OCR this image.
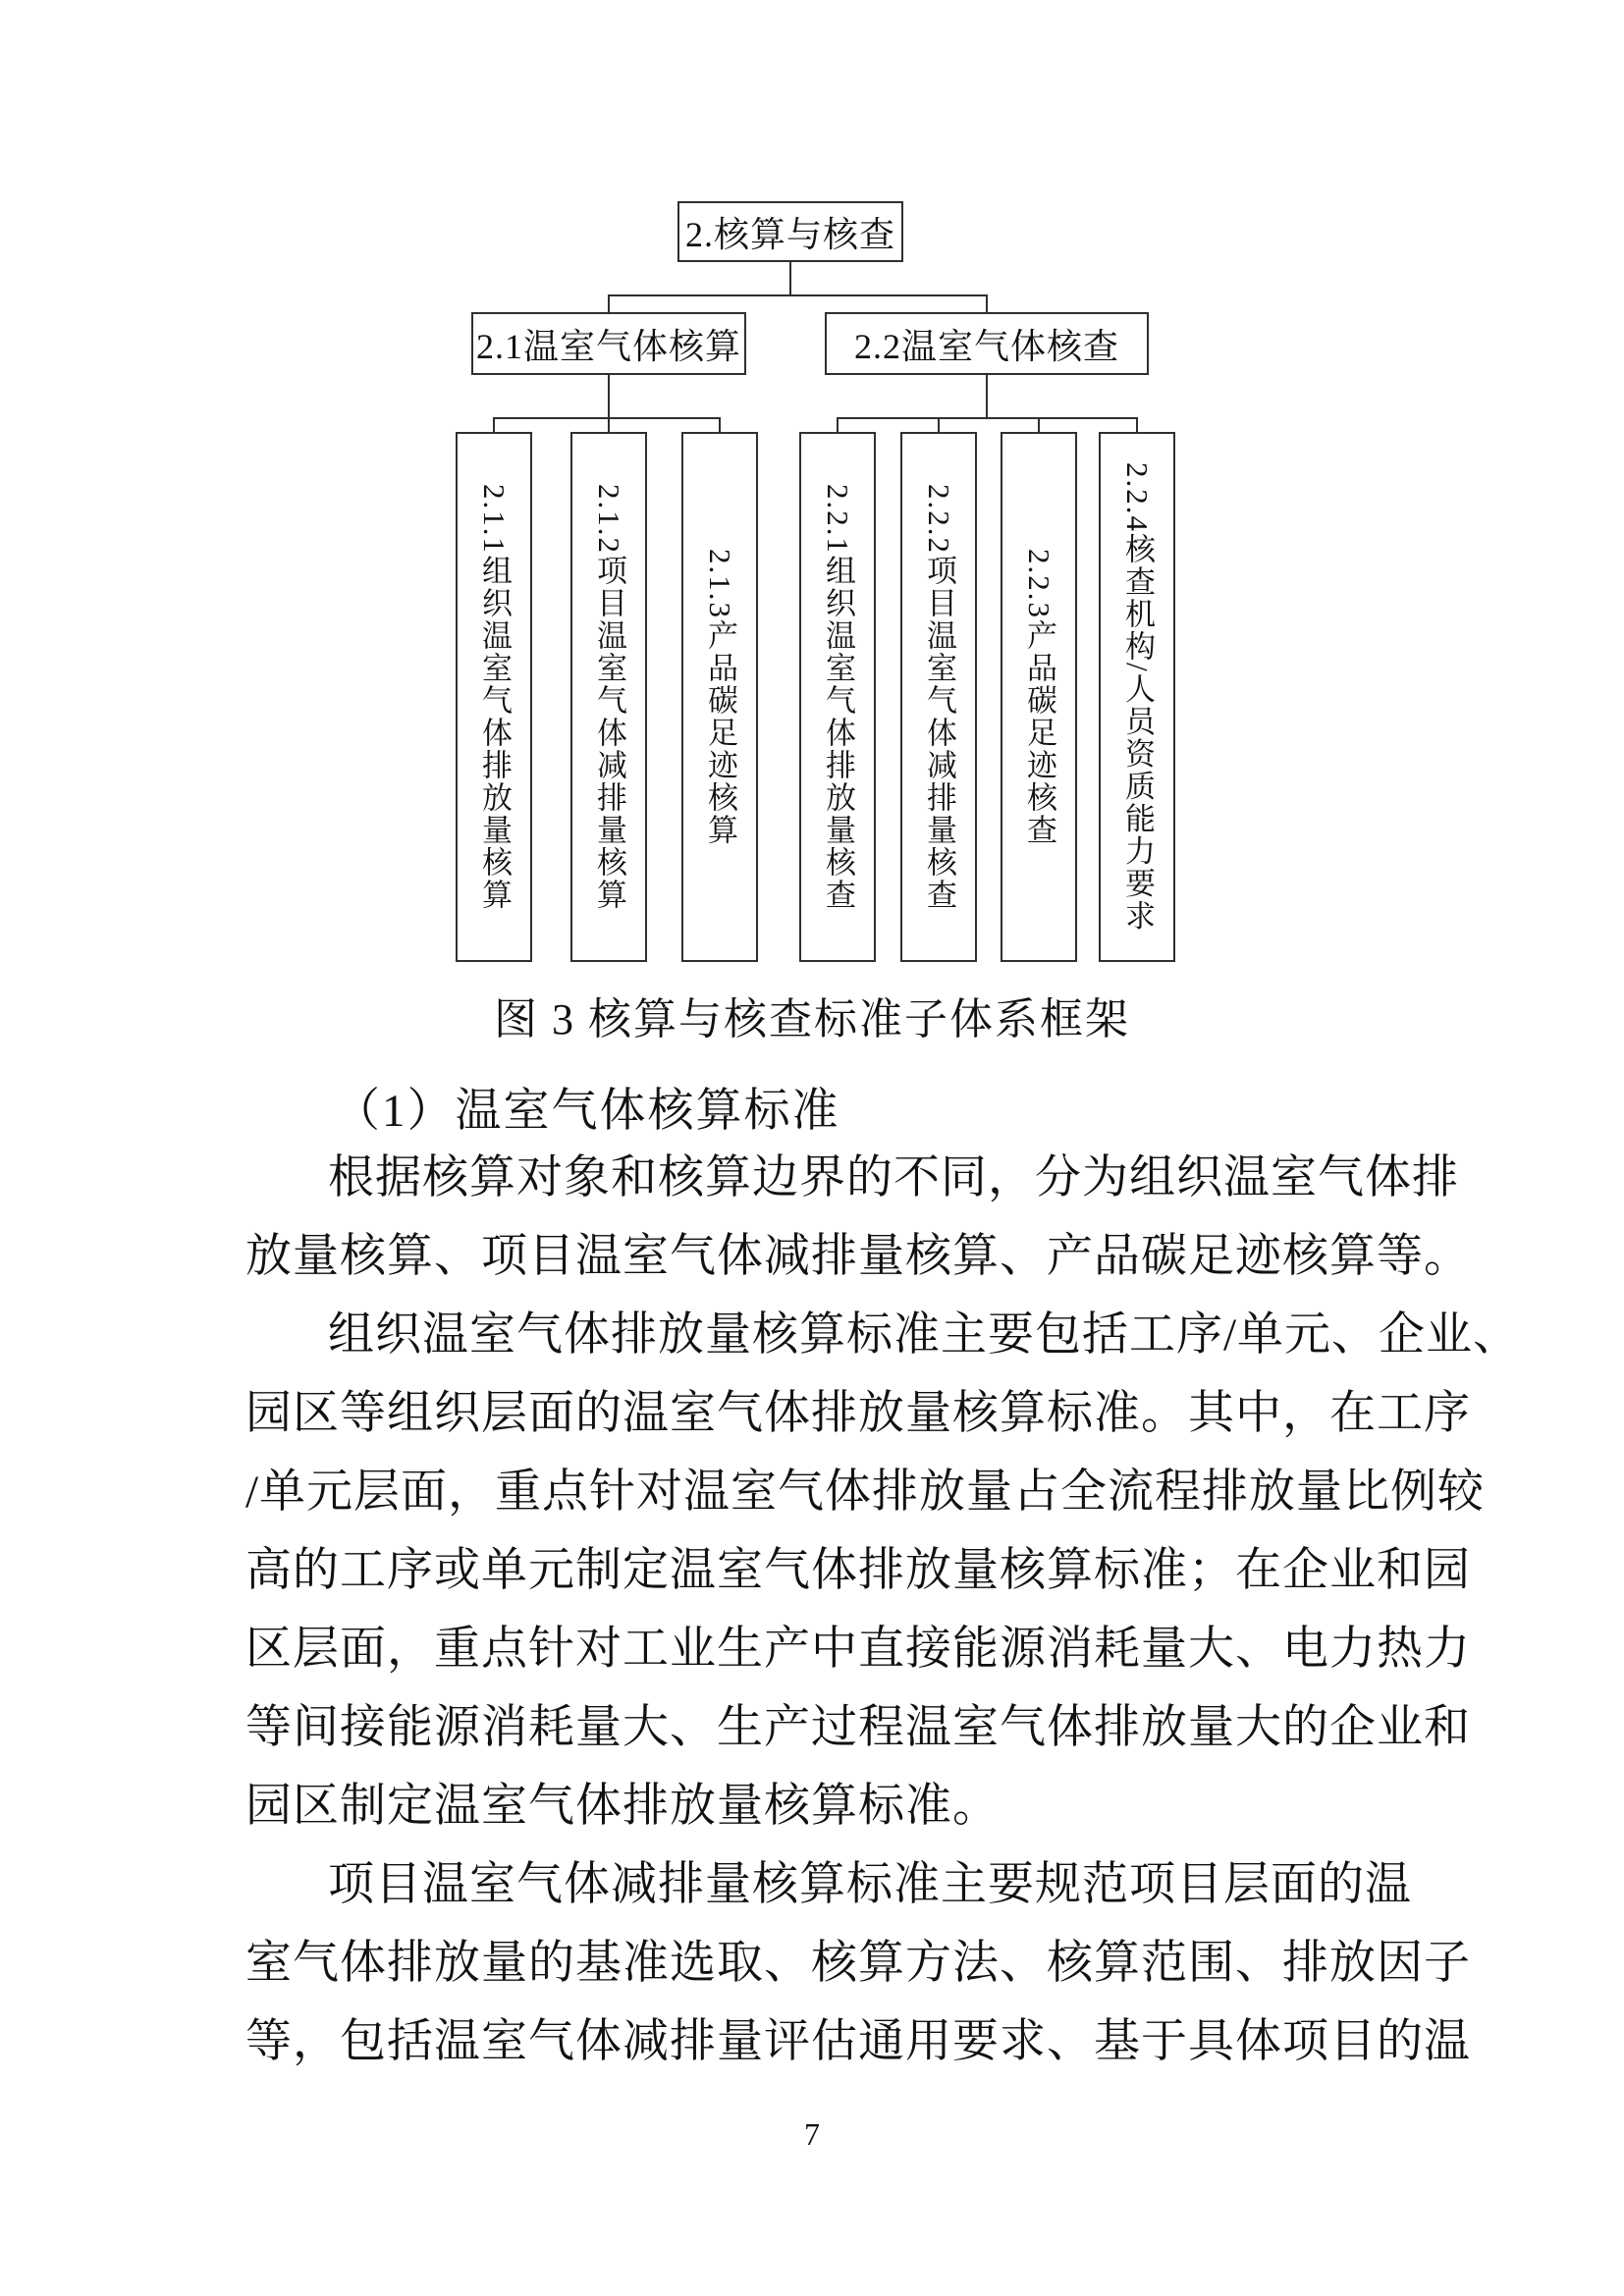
2.核算与核查
2.1温室气体核算	2.2温室气体核查
2.1.1组织温室气体排放量核算	2.1.2项目温室气体减排量核算	2.1.3产品碳足迹核算	2.2.1组织温室气体排放量核查	2.2.2项目温室气体减排量核查	2.2.3产品碳足迹核查	2.2.4核查机构/人员资质能力要求
图 3 核算与核查标准子体系框架
（1）温室气体核算标准
根据核算对象和核算边界的不同，分为组织温室气体排
放量核算、项目温室气体减排量核算、产品碳足迹核算等。
组织温室气体排放量核算标准主要包括工序/单元、企业、
园区等组织层面的温室气体排放量核算标准。其中，在工序
/单元层面，重点针对温室气体排放量占全流程排放量比例较
高的工序或单元制定温室气体排放量核算标准；在企业和园
区层面，重点针对工业生产中直接能源消耗量大、电力热力
等间接能源消耗量大、生产过程温室气体排放量大的企业和
园区制定温室气体排放量核算标准。
项目温室气体减排量核算标准主要规范项目层面的温
室气体排放量的基准选取、核算方法、核算范围、排放因子
等，包括温室气体减排量评估通用要求、基于具体项目的温
7
